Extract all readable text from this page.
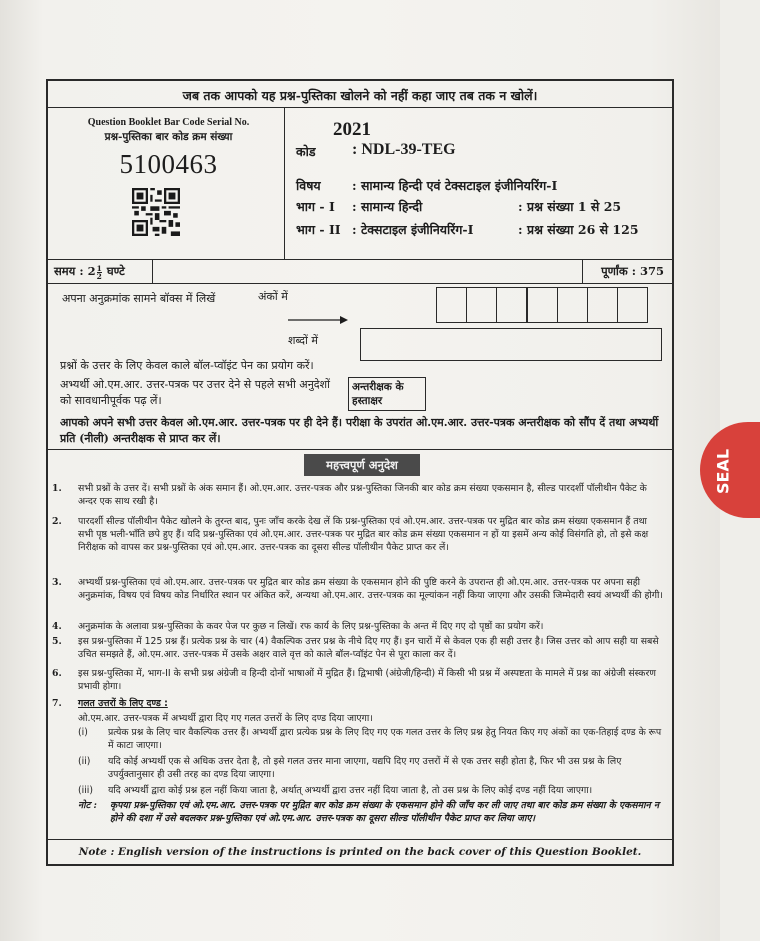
जब तक आपको यह प्रश्न-पुस्तिका खोलने को नहीं कहा जाए तब तक न खोलें।
Question Booklet Bar Code Serial No.
प्रश्न-पुस्तिका बार कोड क्रम संख्या
5100463
2021
कोड : NDL-39-TEG
विषय	: सामान्य हिन्दी एवं टेक्सटाइल इंजीनियरिंग-I
भाग - I : सामान्य हिन्दी	: प्रश्न संख्या 1 से 25
भाग - II : टेक्सटाइल इंजीनियरिंग-I	: प्रश्न संख्या 26 से 125
समय : $2 \frac{1}{2}$ घण्टे	पूर्णांक : 375
अपना अनुक्रमांक सामने बॉक्स में लिखें	अंकों में
शब्दों में
प्रश्नों के उत्तर के लिए केवल काले बॉल-प्वॉइंट पेन का प्रयोग करें।
अभ्यर्थी ओ.एम.आर. उत्तर-पत्रक पर उत्तर देने से पहले सभी अनुदेशों को सावधानीपूर्वक पढ़ लें।
अन्तरीक्षक के हस्ताक्षर
आपको अपने सभी उत्तर केवल ओ.एम.आर. उत्तर-पत्रक पर ही देने हैं। परीक्षा के उपरांत ओ.एम.आर. उत्तर-पत्रक अन्तरीक्षक को सौंप दें तथा अभ्यर्थी प्रति (नीली) अन्तरीक्षक से प्राप्त कर लें।
महत्त्वपूर्ण अनुदेश
1.	सभी प्रश्नों के उत्तर दें। सभी प्रश्नों के अंक समान हैं। ओ.एम.आर. उत्तर-पत्रक और प्रश्न-पुस्तिका जिनकी बार कोड क्रम संख्या एकसमान है, सील्ड पारदर्शी पॉलीथीन पैकेट के अन्दर एक साथ रखी है।
2.	पारदर्शी सील्ड पॉलीथीन पैकेट खोलने के तुरन्त बाद, पुनः जाँच करके देख लें कि प्रश्न-पुस्तिका एवं ओ.एम.आर. उत्तर-पत्रक पर मुद्रित बार कोड क्रम संख्या एकसमान हैं तथा सभी पृष्ठ भली-भाँति छपे हुए हैं। यदि प्रश्न-पुस्तिका एवं ओ.एम.आर. उत्तर-पत्रक पर मुद्रित बार कोड क्रम संख्या एकसमान न हों या इसमें अन्य कोई विसंगति हो, तो इसे कक्ष निरीक्षक को वापस कर प्रश्न-पुस्तिका एवं ओ.एम.आर. उत्तर-पत्रक का दूसरा सील्ड पॉलीथीन पैकेट प्राप्त कर लें।
3.	अभ्यर्थी प्रश्न-पुस्तिका एवं ओ.एम.आर. उत्तर-पत्रक पर मुद्रित बार कोड क्रम संख्या के एकसमान होने की पुष्टि करने के उपरान्त ही ओ.एम.आर. उत्तर-पत्रक पर अपना सही अनुक्रमांक, विषय एवं विषय कोड निर्धारित स्थान पर अंकित करें, अन्यथा ओ.एम.आर. उत्तर-पत्रक का मूल्यांकन नहीं किया जाएगा और उसकी जिम्मेदारी स्वयं अभ्यर्थी की होगी।
4.	अनुक्रमांक के अलावा प्रश्न-पुस्तिका के कवर पेज पर कुछ न लिखें। रफ कार्य के लिए प्रश्न-पुस्तिका के अन्त में दिए गए दो पृष्ठों का प्रयोग करें।
5.	इस प्रश्न-पुस्तिका में 125 प्रश्न हैं। प्रत्येक प्रश्न के चार (4) वैकल्पिक उत्तर प्रश्न के नीचे दिए गए हैं। इन चारों में से केवल एक ही सही उत्तर है। जिस उत्तर को आप सही या सबसे उचित समझते हैं, ओ.एम.आर. उत्तर-पत्रक में उसके अक्षर वाले वृत्त को काले बॉल-प्वॉइंट पेन से पूरा काला कर दें।
6.	इस प्रश्न-पुस्तिका में, भाग-II के सभी प्रश्न अंग्रेजी व हिन्दी दोनों भाषाओं में मुद्रित हैं। द्विभाषी (अंग्रेजी/हिन्दी) में किसी भी प्रश्न में अस्पष्टता के मामले में प्रश्न का अंग्रेजी संस्करण प्रभावी होगा।
7.	गलत उत्तरों के लिए दण्ड :
ओ.एम.आर. उत्तर-पत्रक में अभ्यर्थी द्वारा दिए गए गलत उत्तरों के लिए दण्ड दिया जाएगा।
(i)	प्रत्येक प्रश्न के लिए चार वैकल्पिक उत्तर हैं। अभ्यर्थी द्वारा प्रत्येक प्रश्न के लिए दिए गए एक गलत उत्तर के लिए प्रश्न हेतु नियत किए गए अंकों का एक-तिहाई दण्ड के रूप में काटा जाएगा।
(ii)	यदि कोई अभ्यर्थी एक से अधिक उत्तर देता है, तो इसे गलत उत्तर माना जाएगा, यद्यपि दिए गए उत्तरों में से एक उत्तर सही होता है, फिर भी उस प्रश्न के लिए उपर्युक्तानुसार ही उसी तरह का दण्ड दिया जाएगा।
(iii)	यदि अभ्यर्थी द्वारा कोई प्रश्न हल नहीं किया जाता है, अर्थात् अभ्यर्थी द्वारा उत्तर नहीं दिया जाता है, तो उस प्रश्न के लिए कोई दण्ड नहीं दिया जाएगा।
नोट :	कृपया प्रश्न-पुस्तिका एवं ओ.एम.आर. उत्तर-पत्रक पर मुद्रित बार कोड क्रम संख्या के एकसमान होने की जाँच कर ली जाए तथा बार कोड क्रम संख्या के एकसमान न होने की दशा में उसे बदलकर प्रश्न-पुस्तिका एवं ओ.एम.आर. उत्तर-पत्रक का दूसरा सील्ड पॉलीथीन पैकेट प्राप्त कर लिया जाए।
Note : English version of the instructions is printed on the back cover of this Question Booklet.
SEAL
